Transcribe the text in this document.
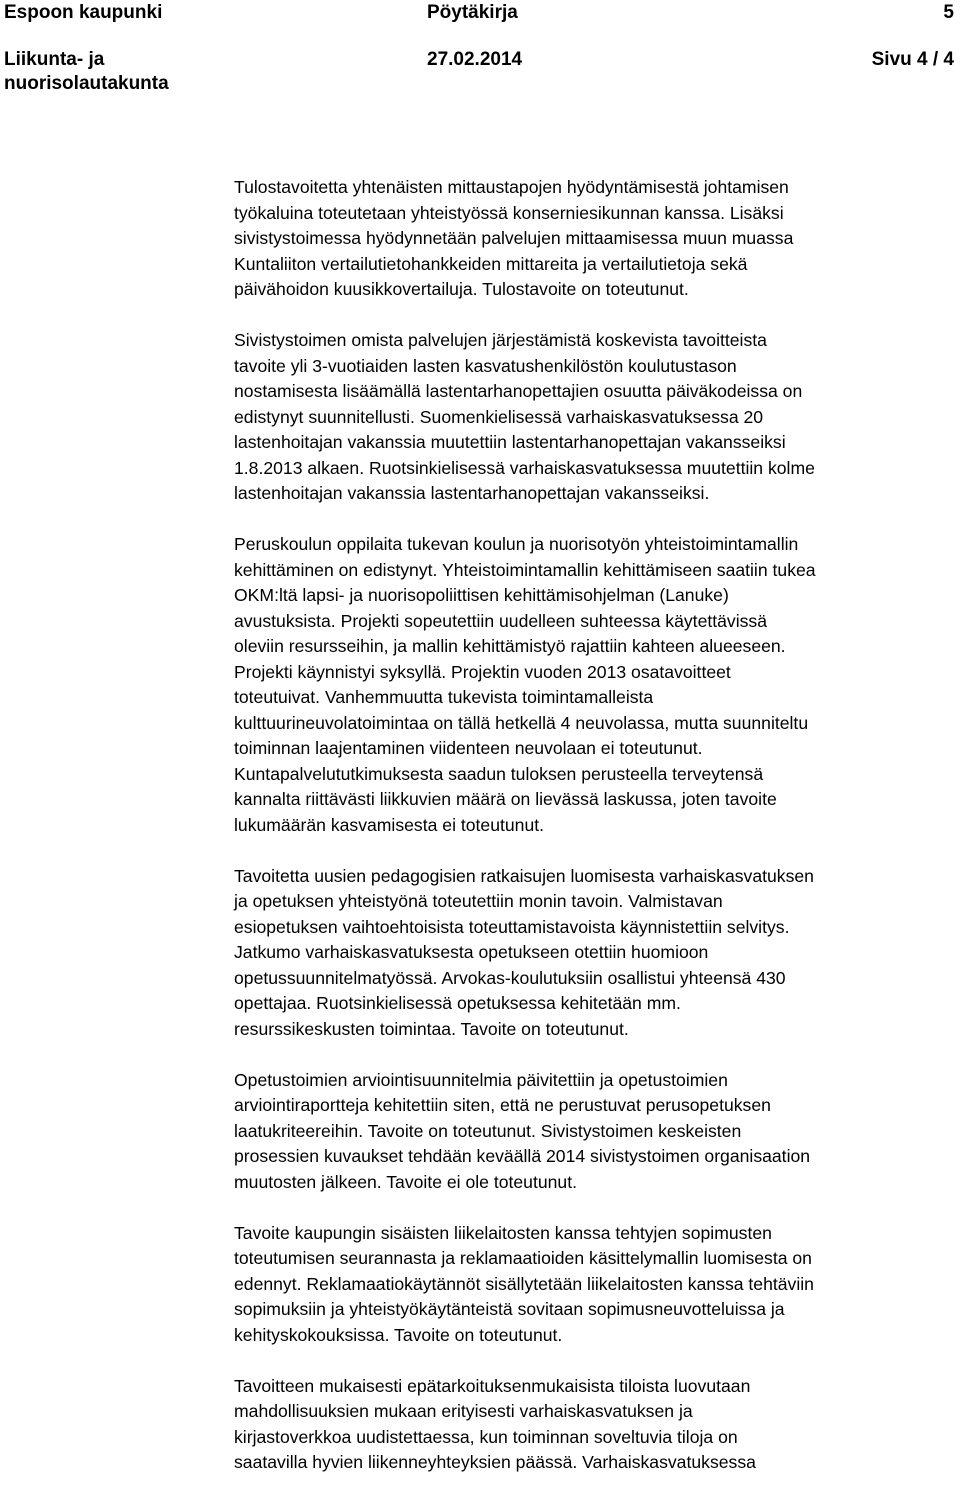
Espoon kaupunki	Pöytäkirja	5
Liikunta- ja
nuorisolautakunta
27.02.2014	Sivu 4 / 4

Tulostavoitetta yhtenäisten mittaustapojen hyödyntämisestä johtamisen
työkaluina toteutetaan yhteistyössä konserniesikunnan kanssa. Lisäksi
sivistystoimessa hyödynnetään palvelujen mittaamisessa muun muassa
Kuntaliiton vertailutietohankkeiden mittareita ja vertailutietoja sekä
päivähoidon kuusikkovertailuja. Tulostavoite on toteutunut.

Sivistystoimen omista palvelujen järjestämistä koskevista tavoitteista
tavoite yli 3-vuotiaiden lasten kasvatushenkilöstön koulutustason
nostamisesta lisäämällä lastentarhanopettajien osuutta päiväkodeissa on
edistynyt suunnitellusti. Suomenkielisessä varhaiskasvatuksessa 20
lastenhoitajan vakanssia muutettiin lastentarhanopettajan vakansseiksi
1.8.2013 alkaen. Ruotsinkielisessä varhaiskasvatuksessa muutettiin kolme
lastenhoitajan vakanssia lastentarhanopettajan vakansseiksi.

Peruskoulun oppilaita tukevan koulun ja nuorisotyön yhteistoimintamallin
kehittäminen on edistynyt. Yhteistoimintamallin kehittämiseen saatiin tukea
OKM:ltä lapsi- ja nuorisopoliittisen kehittämisohjelman (Lanuke)
avustuksista. Projekti sopeutettiin uudelleen suhteessa käytettävissä
oleviin resursseihin, ja mallin kehittämistyö rajattiin kahteen alueeseen.
Projekti käynnistyi syksyllä. Projektin vuoden 2013 osatavoitteet
toteutuivat. Vanhemmuutta tukevista toimintamalleista
kulttuurineuvolatoimintaa on tällä hetkellä 4 neuvolassa, mutta suunniteltu
toiminnan laajentaminen viidenteen neuvolaan ei toteutunut.
Kuntapalvelututkimuksesta saadun tuloksen perusteella terveytensä
kannalta riittävästi liikkuvien määrä on lievässä laskussa, joten tavoite
lukumäärän kasvamisesta ei toteutunut.

Tavoitetta uusien pedagogisien ratkaisujen luomisesta varhaiskasvatuksen
ja opetuksen yhteistyönä toteutettiin monin tavoin. Valmistavan
esiopetuksen vaihtoehtoisista toteuttamistavoista käynnistettiin selvitys.
Jatkumo varhaiskasvatuksesta opetukseen otettiin huomioon
opetussuunnitelmatyössä. Arvokas-koulutuksiin osallistui yhteensä 430
opettajaa. Ruotsinkielisessä opetuksessa kehitetään mm.
resurssikeskusten toimintaa. Tavoite on toteutunut.

Opetustoimien arviointisuunnitelmia päivitettiin ja opetustoimien
arviointiraportteja kehitettiin siten, että ne perustuvat perusopetuksen
laatukriteereihin. Tavoite on toteutunut. Sivistystoimen keskeisten
prosessien kuvaukset tehdään keväällä 2014 sivistystoimen organisaation
muutosten jälkeen. Tavoite ei ole toteutunut.

Tavoite kaupungin sisäisten liikelaitosten kanssa tehtyjen sopimusten
toteutumisen seurannasta ja reklamaatioiden käsittelymallin luomisesta on
edennyt. Reklamaatiokäytännöt sisällytetään liikelaitosten kanssa tehtäviin
sopimuksiin ja yhteistyökäytänteistä sovitaan sopimusneuvotteluissa ja
kehityskokouksissa. Tavoite on toteutunut.

Tavoitteen mukaisesti epätarkoituksenmukaisista tiloista luovutaan
mahdollisuuksien mukaan erityisesti varhaiskasvatuksen ja
kirjastoverkkoa uudistettaessa, kun toiminnan soveltuvia tiloja on
saatavilla hyvien liikenneyhteyksien päässä. Varhaiskasvatuksessa
